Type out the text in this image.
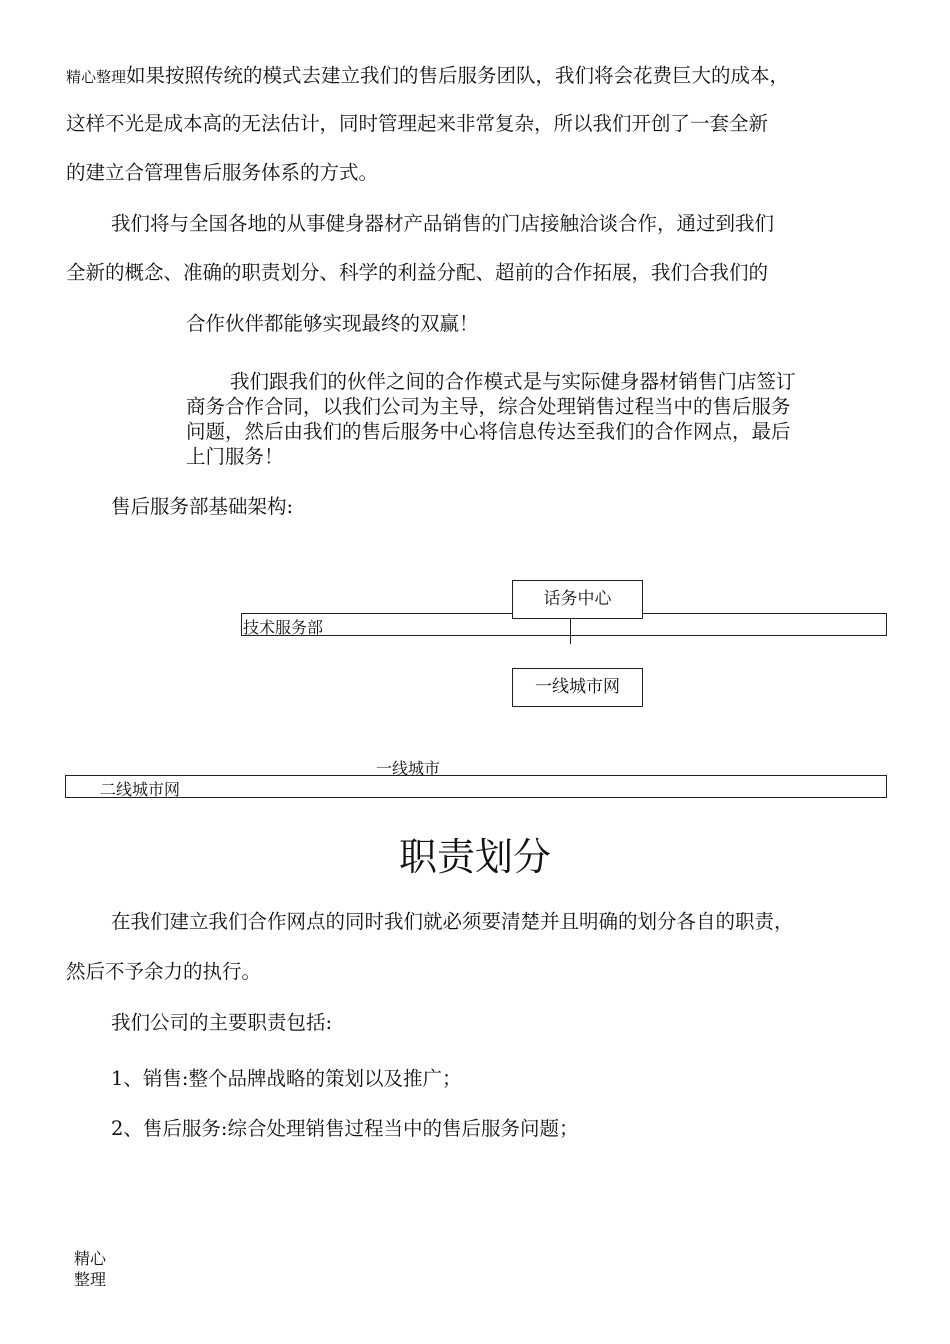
精心整理如果按照传统的模式去建立我们的售后服务团队，我们将会花费巨大的成本，
这样不光是成本高的无法估计，同时管理起来非常复杂，所以我们开创了一套全新
的建立合管理售后服务体系的方式。
我们将与全国各地的从事健身器材产品销售的门店接触洽谈合作，通过到我们
全新的概念、准确的职责划分、科学的利益分配、超前的合作拓展，我们合我们的
合作伙伴都能够实现最终的双赢！
我们跟我们的伙伴之间的合作模式是与实际健身器材销售门店签订
商务合作合同，以我们公司为主导，综合处理销售过程当中的售后服务
问题，然后由我们的售后服务中心将信息传达至我们的合作网点，最后
上门服务！
售后服务部基础架构:
技术服务部
话务中心
一线城市网
一线城市
二线城市网
职责划分
在我们建立我们合作网点的同时我们就必须要清楚并且明确的划分各自的职责，
然后不予余力的执行。
我们公司的主要职责包括:
1、销售:整个品牌战略的策划以及推广；
2、售后服务:综合处理销售过程当中的售后服务问题；
精心
整理
